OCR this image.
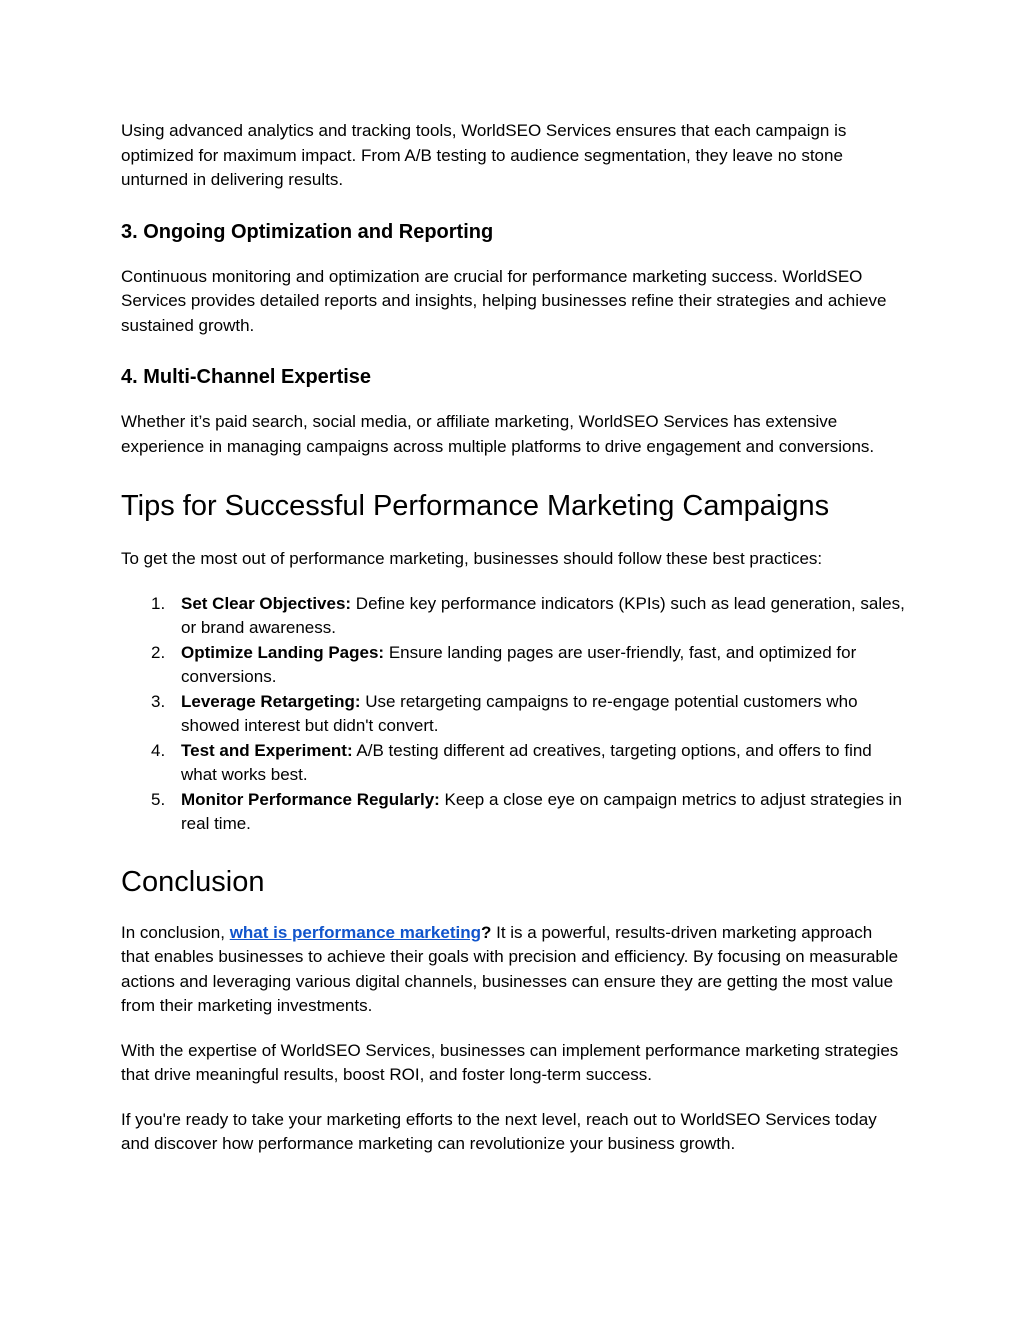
Using advanced analytics and tracking tools, WorldSEO Services ensures that each campaign is optimized for maximum impact. From A/B testing to audience segmentation, they leave no stone unturned in delivering results.

3. Ongoing Optimization and Reporting

Continuous monitoring and optimization are crucial for performance marketing success. WorldSEO Services provides detailed reports and insights, helping businesses refine their strategies and achieve sustained growth.

4. Multi-Channel Expertise

Whether it’s paid search, social media, or affiliate marketing, WorldSEO Services has extensive experience in managing campaigns across multiple platforms to drive engagement and conversions.

Tips for Successful Performance Marketing Campaigns

To get the most out of performance marketing, businesses should follow these best practices:

1. Set Clear Objectives: Define key performance indicators (KPIs) such as lead generation, sales, or brand awareness.
2. Optimize Landing Pages: Ensure landing pages are user-friendly, fast, and optimized for conversions.
3. Leverage Retargeting: Use retargeting campaigns to re-engage potential customers who showed interest but didn't convert.
4. Test and Experiment: A/B testing different ad creatives, targeting options, and offers to find what works best.
5. Monitor Performance Regularly: Keep a close eye on campaign metrics to adjust strategies in real time.
Conclusion

In conclusion, what is performance marketing? It is a powerful, results-driven marketing approach that enables businesses to achieve their goals with precision and efficiency. By focusing on measurable actions and leveraging various digital channels, businesses can ensure they are getting the most value from their marketing investments.

With the expertise of WorldSEO Services, businesses can implement performance marketing strategies that drive meaningful results, boost ROI, and foster long-term success.

If you're ready to take your marketing efforts to the next level, reach out to WorldSEO Services today and discover how performance marketing can revolutionize your business growth.
